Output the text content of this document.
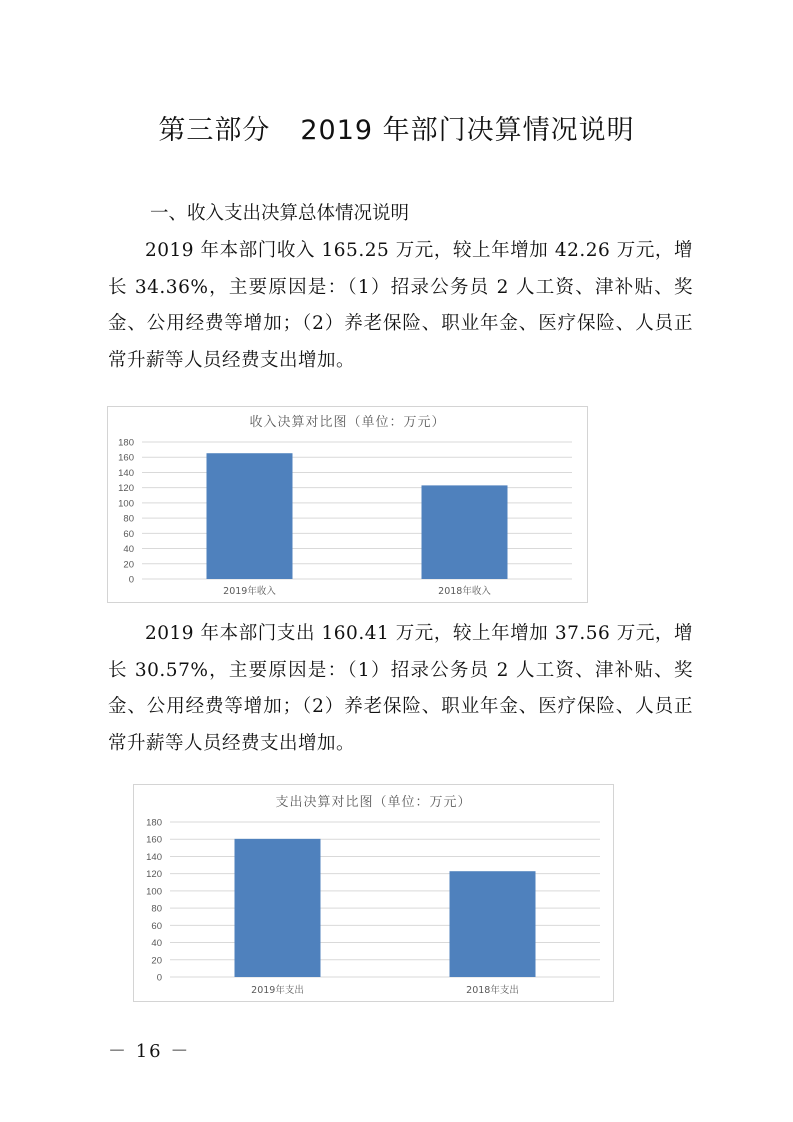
第三部分 2019 年部门决算情况说明
一、收入支出决算总体情况说明
2019 年本部门收入 165.25 万元，较上年增加 42.26 万元，增长 34.36%，主要原因是：（1）招录公务员 2 人工资、津补贴、奖金、公用经费等增加；（2）养老保险、职业年金、医疗保险、人员正常升薪等人员经费支出增加。
收入决算对比图（单位：万元）
0
20
40
60
80
100
120
140
160
180
2019年收入	2018年收入
2019 年本部门支出 160.41 万元，较上年增加 37.56 万元，增长 30.57%，主要原因是：（1）招录公务员 2 人工资、津补贴、奖金、公用经费等增加；（2）养老保险、职业年金、医疗保险、人员正常升薪等人员经费支出增加。
支出决算对比图（单位：万元）
0
20
40
60
80
100
120
140
160
180
2019年支出	2018年支出
－ 16 －
